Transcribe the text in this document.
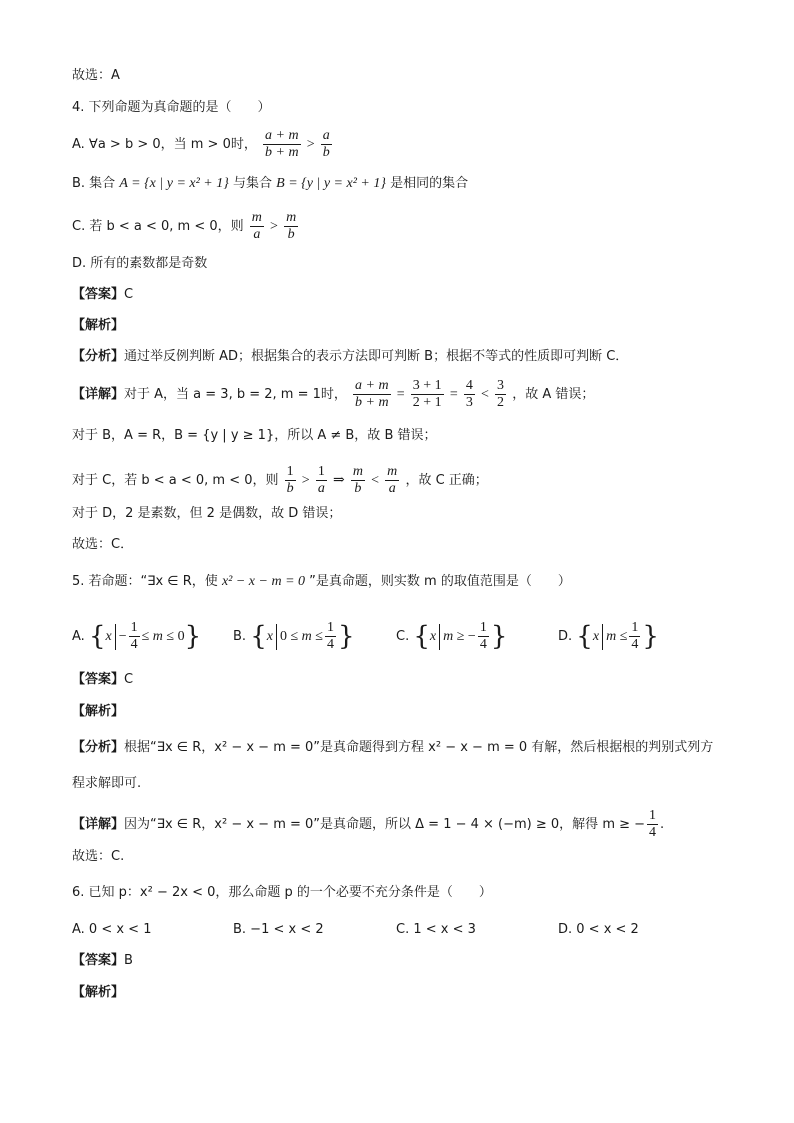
故选：A
4. 下列命题为真命题的是（　　）
A. ∀a > b > 0，当 m > 0时， $\frac{a + m}{b + m} > \frac{a}{b}$
B. 集合 A = {x | y = x² + 1} 与集合 B = {y | y = x² + 1} 是相同的集合
C. 若 b < a < 0, m < 0，则 $\frac{m}{a} > \frac{m}{b}$
D. 所有的素数都是奇数
【答案】C
【解析】
【分析】通过举反例判断 AD；根据集合的表示方法即可判断 B；根据不等式的性质即可判断 C．
【详解】对于 A，当 a = 3, b = 2, m = 1时， $\frac{a + m}{b + m} = \frac{3 + 1}{2 + 1} = \frac{4}{3} < \frac{3}{2}$ ，故 A 错误；
对于 B，A = R，B = {y | y ≥ 1}，所以 A ≠ B，故 B 错误；
对于 C，若 b < a < 0, m < 0，则 $\frac{1}{b} > \frac{1}{a}$ ⇒ $\frac{m}{b} < \frac{m}{a}$ ，故 C 正确；
对于 D，2 是素数，但 2 是偶数，故 D 错误；
故选：C．
5. 若命题：“∃x ∈ R，使 x² − x − m = 0 ”是真命题，则实数 m 的取值范围是（　　）
A. $\{x - \frac{1}{4} \le m \le 0\}$ B. {x $0 \le m \le \frac{1}{4}$ }	C. {x m ≥ − $\frac{1}{4}$ }	D. {x $m \le \frac{1}{4}$ }
【答案】C
【解析】
【分析】根据“∃x ∈ R，x² − x − m = 0”是真命题得到方程 x² − x − m = 0 有解，然后根据根的判别式列方
程求解即可.
【详解】因为“∃x ∈ R，x² − x − m = 0”是真命题，所以 Δ = 1 − 4 × (−m) ≥ 0，解得 m ≥ − $\frac{1}{4}$ .
故选：C.
6. 已知 p：x² − 2x < 0，那么命题 p 的一个必要不充分条件是（　　）
A. 0 < x < 1	B. −1 < x < 2	C. 1 < x < 3	D. 0 < x < 2
【答案】B
【解析】
